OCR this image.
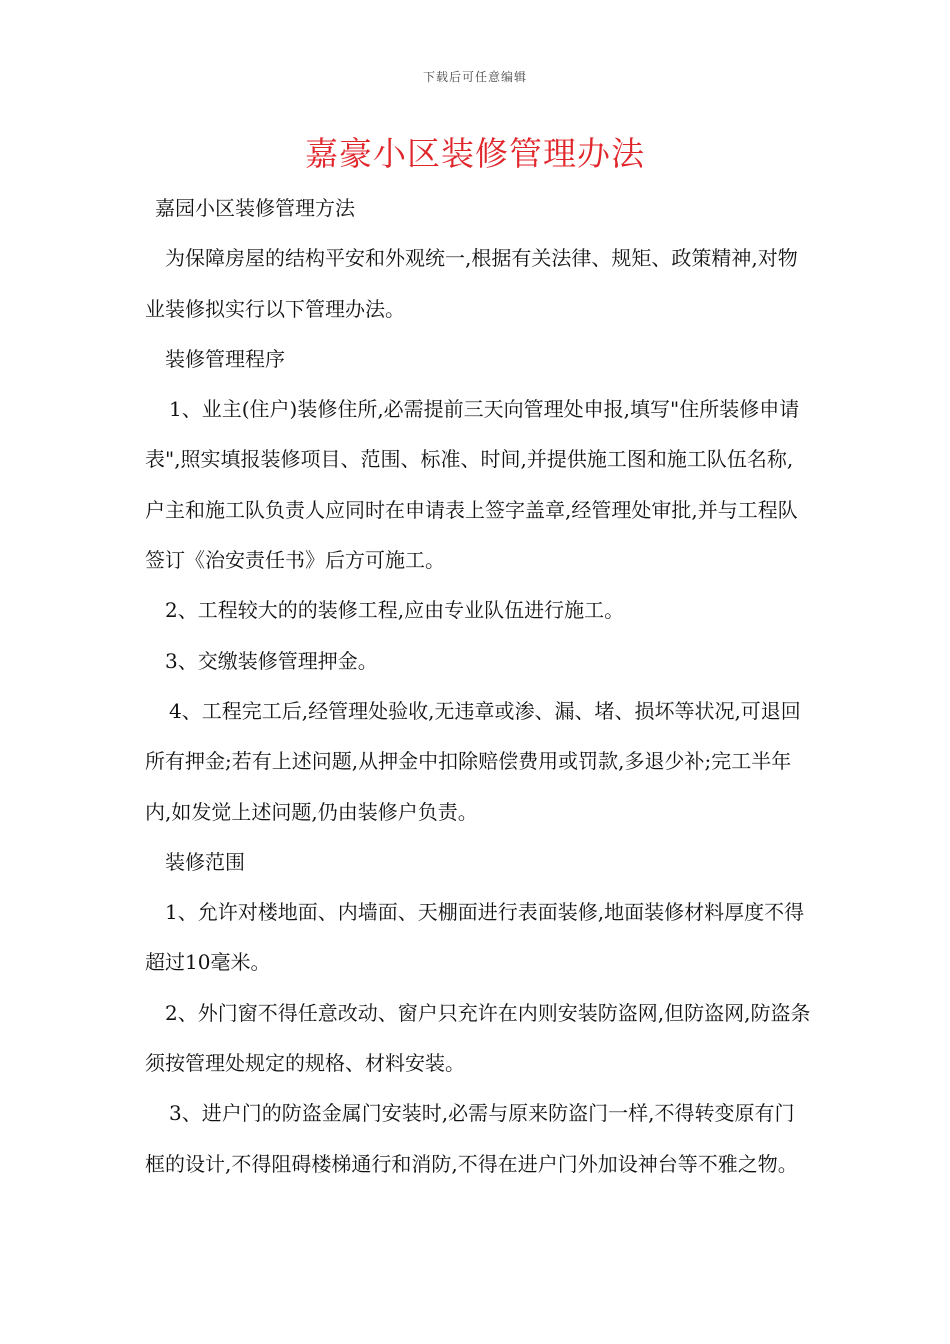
下载后可任意编辑
嘉豪小区装修管理办法

嘉园小区装修管理方法

为保障房屋的结构平安和外观统一,根据有关法律、规矩、政策精神,对物业装修拟实行以下管理办法。

装修管理程序

1、业主(住户)装修住所,必需提前三天向管理处申报,填写"住所装修申请表",照实填报装修项目、范围、标准、时间,并提供施工图和施工队伍名称,户主和施工队负责人应同时在申请表上签字盖章,经管理处审批,并与工程队签订《治安责任书》后方可施工。

2、工程较大的的装修工程,应由专业队伍进行施工。

3、交缴装修管理押金。

4、工程完工后,经管理处验收,无违章或渗、漏、堵、损坏等状况,可退回所有押金;若有上述问题,从押金中扣除赔偿费用或罚款,多退少补;完工半年内,如发觉上述问题,仍由装修户负责。

装修范围

1、允许对楼地面、内墙面、天棚面进行表面装修,地面装修材料厚度不得超过10毫米。

2、外门窗不得任意改动、窗户只充许在内则安装防盗网,但防盗网,防盗条须按管理处规定的规格、材料安装。

3、进户门的防盗金属门安装时,必需与原来防盗门一样,不得转变原有门框的设计,不得阻碍楼梯通行和消防,不得在进户门外加设神台等不雅之物。
